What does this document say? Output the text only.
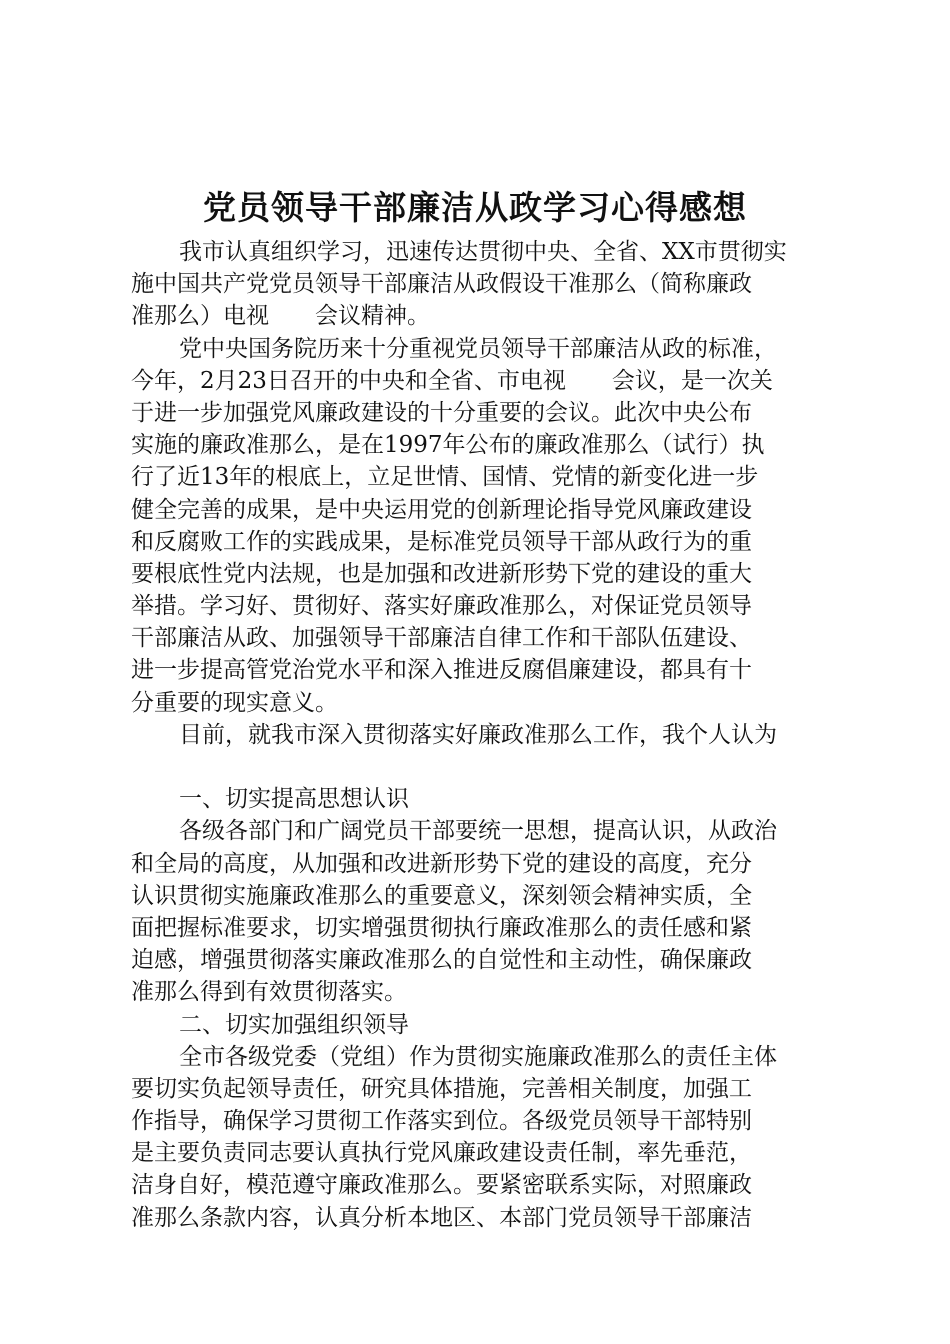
党员领导干部廉洁从政学习心得感想
我市认真组织学习，迅速传达贯彻中央、全省、XX市贯彻实
施中国共产党党员领导干部廉洁从政假设干准那么（简称廉政
准那么）电视　　会议精神。
党中央国务院历来十分重视党员领导干部廉洁从政的标准，
今年，2月23日召开的中央和全省、市电视　　会议，是一次关
于进一步加强党风廉政建设的十分重要的会议。此次中央公布
实施的廉政准那么，是在1997年公布的廉政准那么（试行）执
行了近13年的根底上，立足世情、国情、党情的新变化进一步
健全完善的成果，是中央运用党的创新理论指导党风廉政建设
和反腐败工作的实践成果，是标准党员领导干部从政行为的重
要根底性党内法规，也是加强和改进新形势下党的建设的重大
举措。学习好、贯彻好、落实好廉政准那么，对保证党员领导
干部廉洁从政、加强领导干部廉洁自律工作和干部队伍建设、
进一步提高管党治党水平和深入推进反腐倡廉建设，都具有十
分重要的现实意义。
目前，就我市深入贯彻落实好廉政准那么工作，我个人认为
一、切实提高思想认识
各级各部门和广阔党员干部要统一思想，提高认识，从政治
和全局的高度，从加强和改进新形势下党的建设的高度，充分
认识贯彻实施廉政准那么的重要意义，深刻领会精神实质，全
面把握标准要求，切实增强贯彻执行廉政准那么的责任感和紧
迫感，增强贯彻落实廉政准那么的自觉性和主动性，确保廉政
准那么得到有效贯彻落实。
二、切实加强组织领导
全市各级党委（党组）作为贯彻实施廉政准那么的责任主体
要切实负起领导责任，研究具体措施，完善相关制度，加强工
作指导，确保学习贯彻工作落实到位。各级党员领导干部特别
是主要负责同志要认真执行党风廉政建设责任制，率先垂范，
洁身自好，模范遵守廉政准那么。要紧密联系实际，对照廉政
准那么条款内容，认真分析本地区、本部门党员领导干部廉洁
